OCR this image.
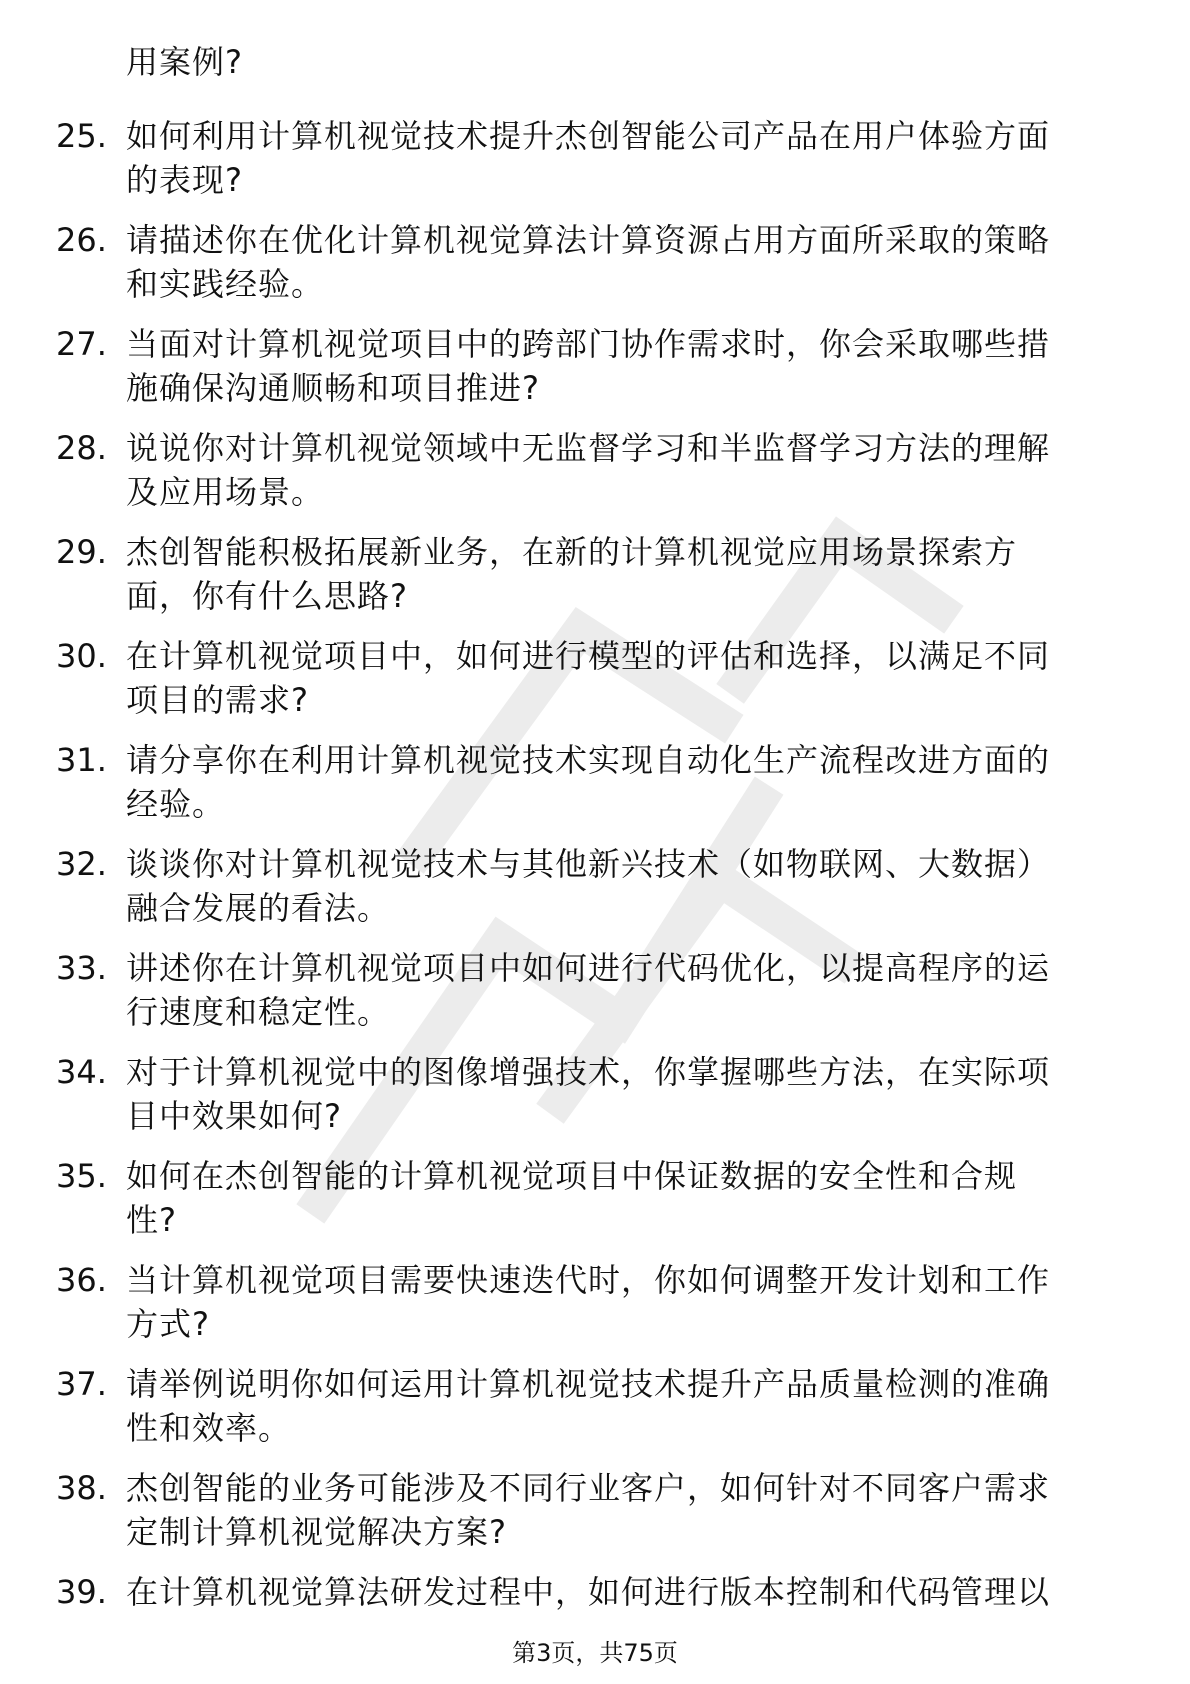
用案例?
25. 如何利用计算机视觉技术提升杰创智能公司产品在用户体验方面
的表现?
26. 请描述你在优化计算机视觉算法计算资源占用方面所采取的策略
和实践经验。
27. 当面对计算机视觉项目中的跨部门协作需求时，你会采取哪些措
施确保沟通顺畅和项目推进?
28. 说说你对计算机视觉领域中无监督学习和半监督学习方法的理解
及应用场景。
29. 杰创智能积极拓展新业务，在新的计算机视觉应用场景探索方
面，你有什么思路?
30. 在计算机视觉项目中，如何进行模型的评估和选择，以满足不同
项目的需求?
31. 请分享你在利用计算机视觉技术实现自动化生产流程改进方面的
经验。
32. 谈谈你对计算机视觉技术与其他新兴技术（如物联网、大数据）
融合发展的看法。
33. 讲述你在计算机视觉项目中如何进行代码优化，以提高程序的运
行速度和稳定性。
34. 对于计算机视觉中的图像增强技术，你掌握哪些方法，在实际项
目中效果如何?
35. 如何在杰创智能的计算机视觉项目中保证数据的安全性和合规
性?
36. 当计算机视觉项目需要快速迭代时，你如何调整开发计划和工作
方式?
37. 请举例说明你如何运用计算机视觉技术提升产品质量检测的准确
性和效率。
38. 杰创智能的业务可能涉及不同行业客户，如何针对不同客户需求
定制计算机视觉解决方案?
39. 在计算机视觉算法研发过程中，如何进行版本控制和代码管理以
第3页，共75页
